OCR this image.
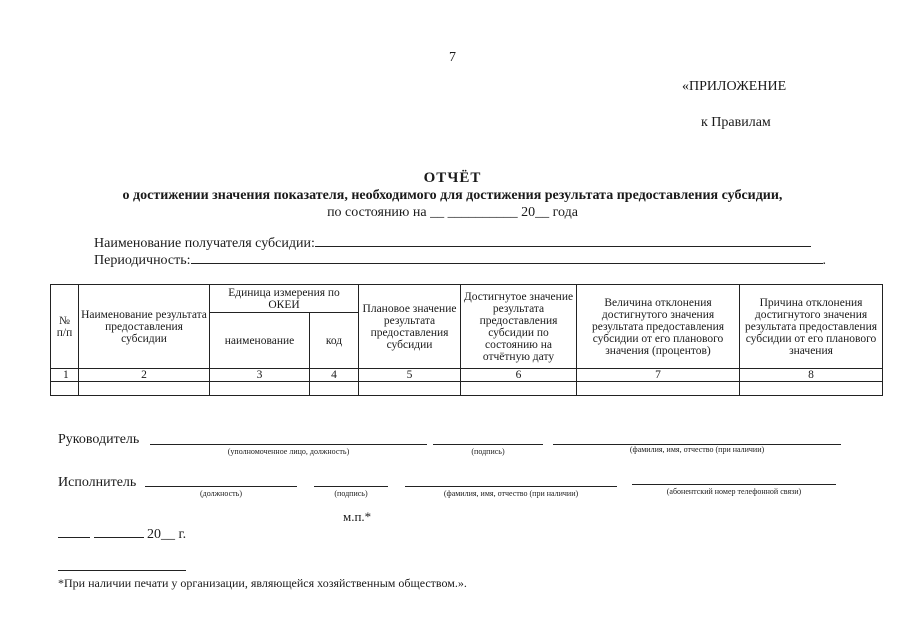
7
«ПРИЛОЖЕНИЕ
к Правилам
ОТЧЁТ
о достижении значения показателя, необходимого для достижения результата предоставления субсидии,
по состоянию на __ __________ 20__ года
Наименование получателя субсидии:
Периодичность:	.
№ п/п	Наименование результата предоставления субсидии	Единица измерения по ОКЕИ		Плановое значение результата предоставления субсидии	Достигнутое значение результата предоставления субсидии по состоянию на отчётную дату	Величина отклонения достигнутого значения результата предоставления субсидии от его планового значения (процентов)	Причина отклонения достигнутого значения результата предоставления субсидии от его планового значения
		наименование	код				
1	2	3	4	5	6	7	8

Руководитель
(уполномоченное лицо, должность)	(подпись)	(фамилия, имя, отчество (при наличии)
Исполнитель
(должность)	(подпись)	(фамилия, имя, отчество (при наличии)	(абонентский номер телефонной связи)
м.п.*
20__ г.
*При наличии печати у организации, являющейся хозяйственным обществом.».
